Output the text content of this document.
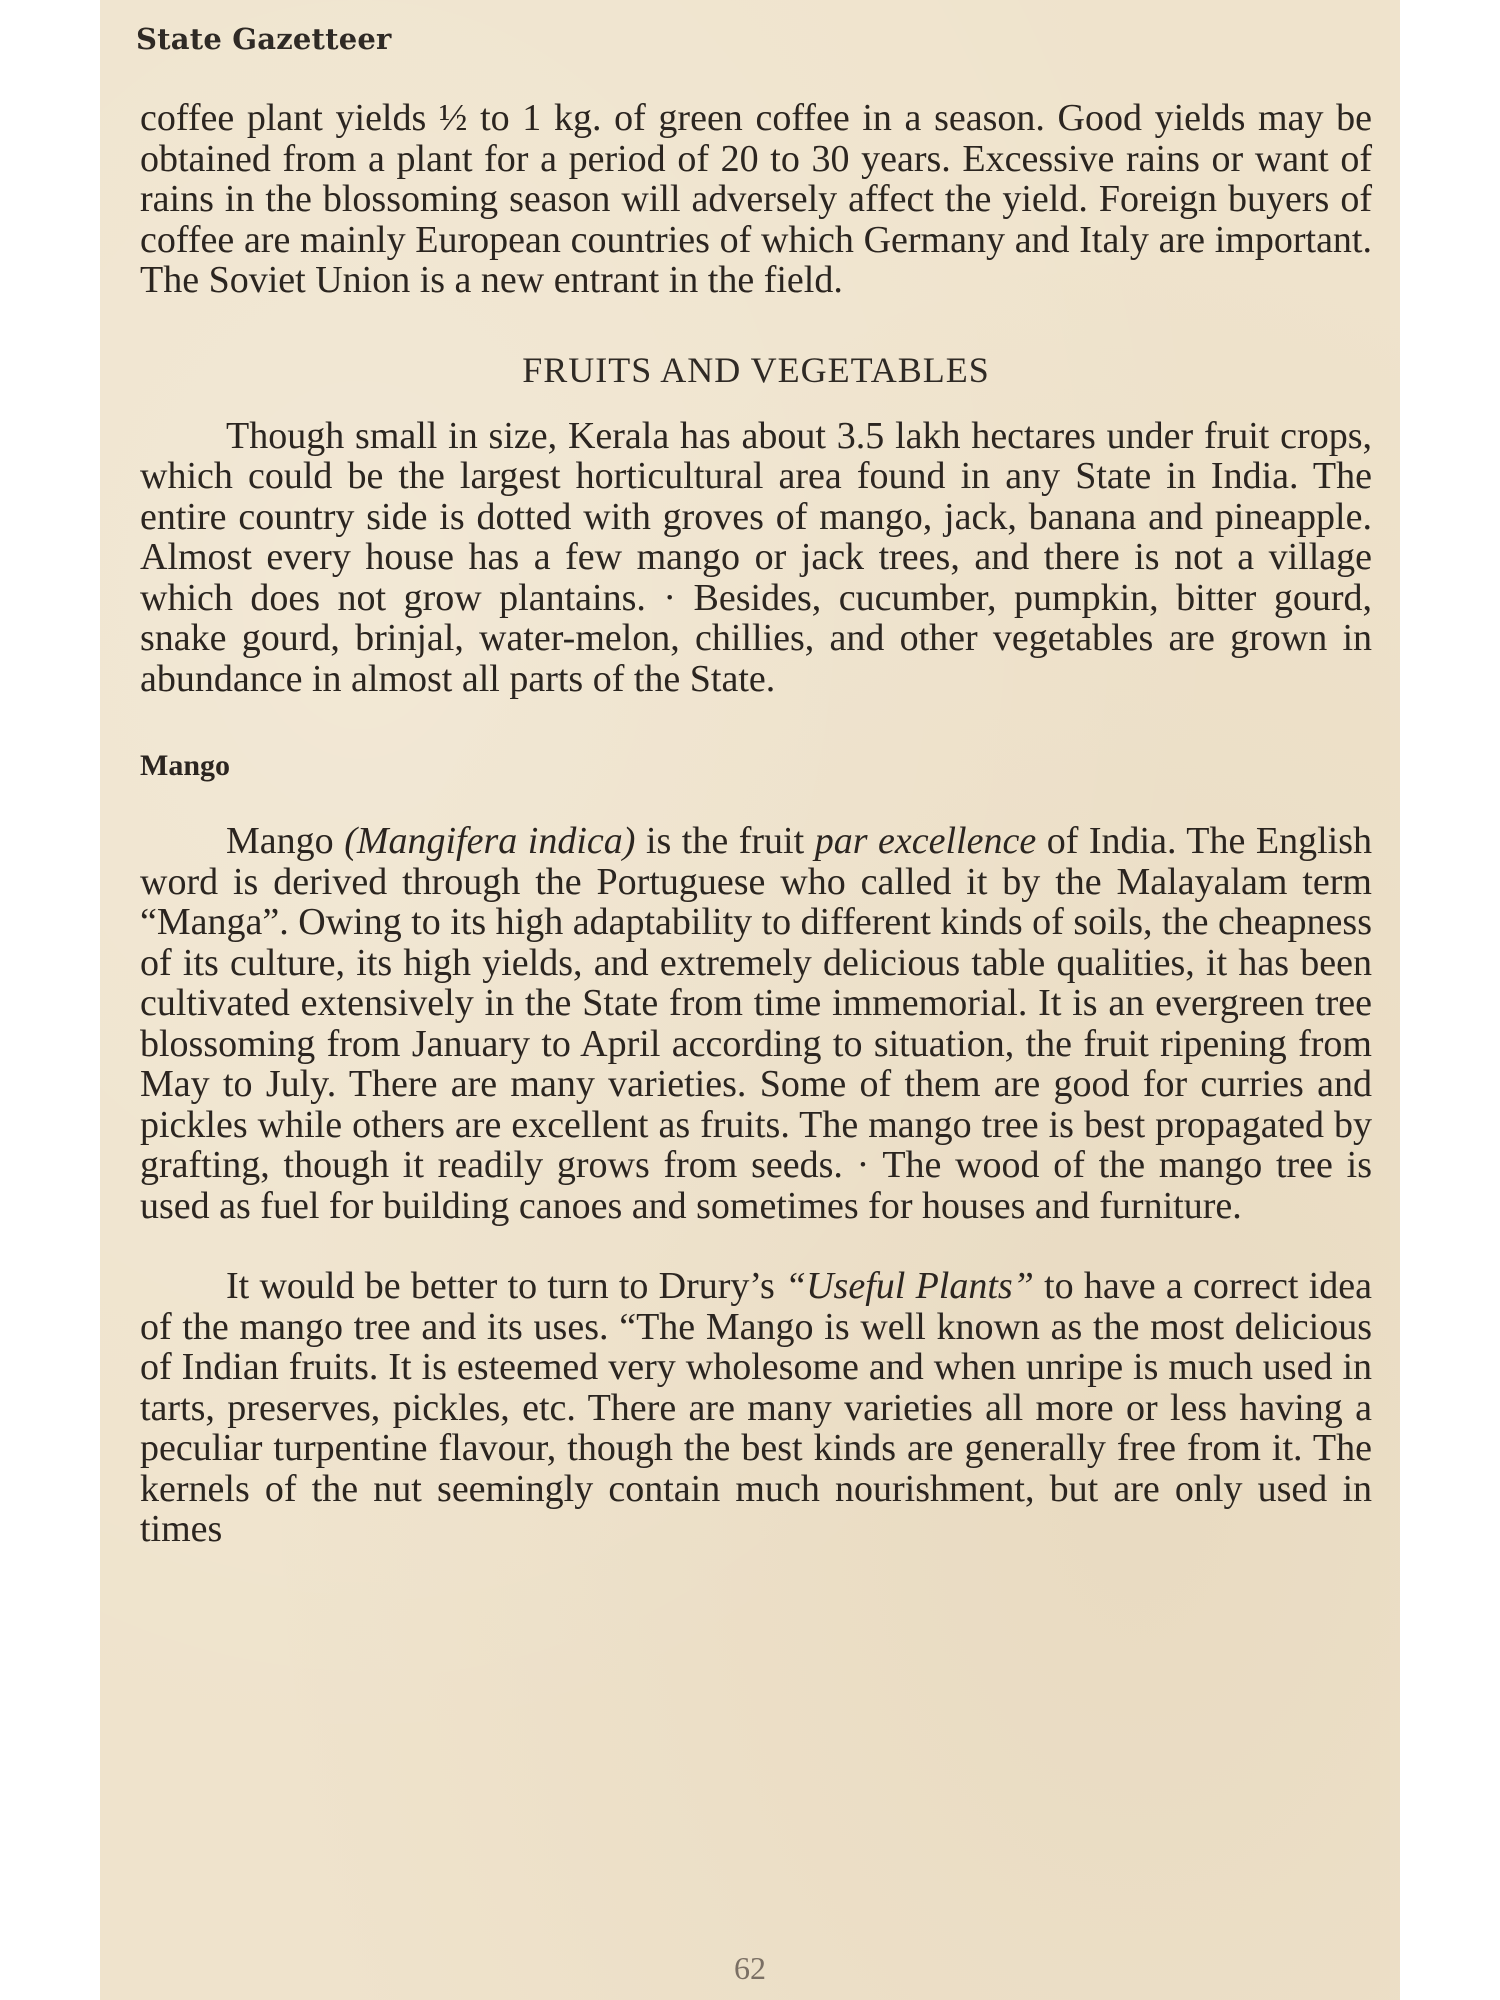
State Gazetteer

coffee plant yields ½ to 1 kg. of green coffee in a season. Good yields may be obtained from a plant for a period of 20 to 30 years. Excessive rains or want of rains in the blossoming season will adversely affect the yield. Foreign buyers of coffee are mainly European countries of which Germany and Italy are important. The Soviet Union is a new entrant in the field.

FRUITS AND VEGETABLES

Though small in size, Kerala has about 3.5 lakh hectares under fruit crops, which could be the largest horticultural area found in any State in India. The entire country side is dotted with groves of mango, jack, banana and pineapple. Almost every house has a few mango or jack trees, and there is not a village which does not grow plantains. · Besides, cucumber, pumpkin, bitter gourd, snake gourd, brinjal, water-melon, chillies, and other vegetables are grown in abundance in almost all parts of the State.

Mango

Mango (Mangifera indica) is the fruit par excellence of India. The English word is derived through the Portuguese who called it by the Malayalam term “Manga”. Owing to its high adaptability to different kinds of soils, the cheapness of its culture, its high yields, and extremely delicious table qualities, it has been cultivated extensively in the State from time immemorial. It is an evergreen tree blossoming from January to April according to situation, the fruit ripening from May to July. There are many varieties. Some of them are good for curries and pickles while others are excellent as fruits. The mango tree is best propagated by grafting, though it readily grows from seeds. · The wood of the mango tree is used as fuel for building canoes and sometimes for houses and furniture.

It would be better to turn to Drury’s “Useful Plants” to have a correct idea of the mango tree and its uses. “The Mango is well known as the most delicious of Indian fruits. It is esteemed very wholesome and when unripe is much used in tarts, preserves, pickles, etc. There are many varieties all more or less having a peculiar turpentine flavour, though the best kinds are generally free from it. The kernels of the nut seemingly contain much nourishment, but are only used in times

62
